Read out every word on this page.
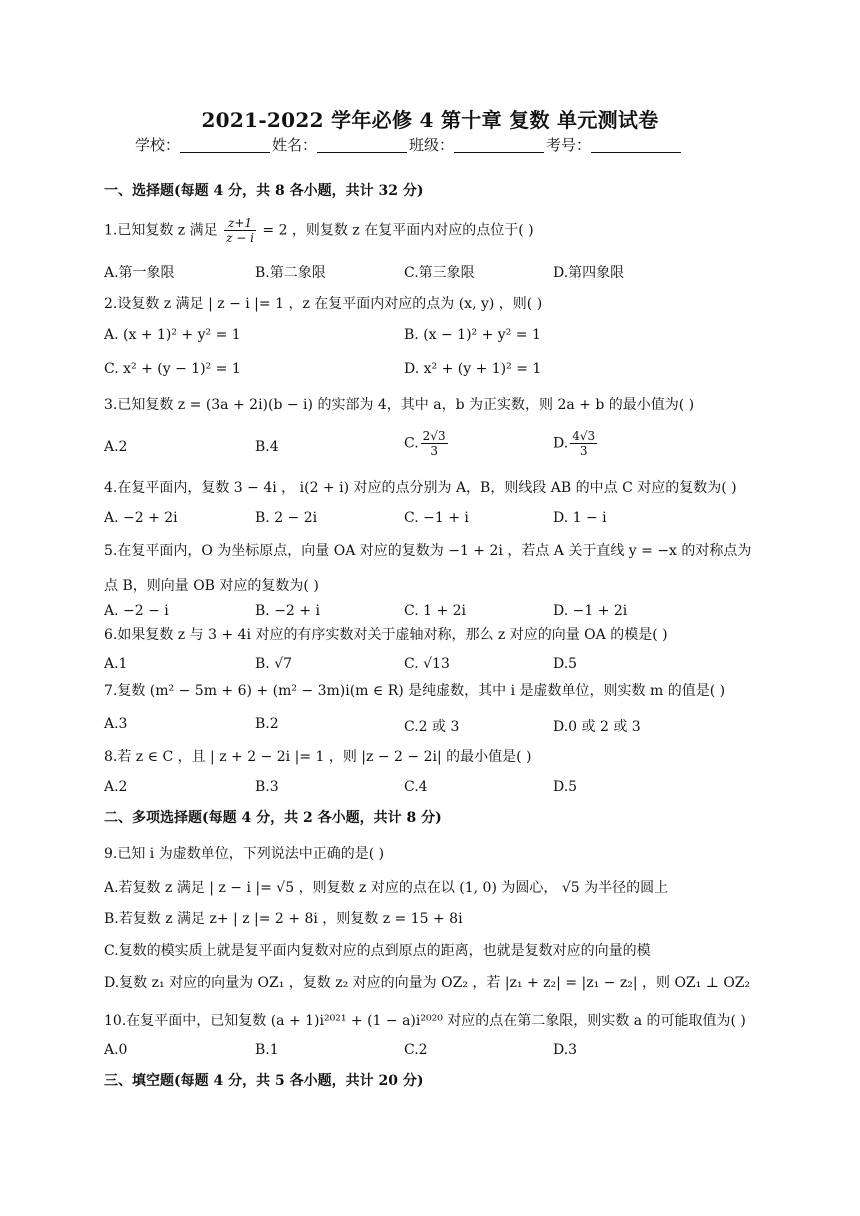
2021-2022 学年必修 4 第十章 复数 单元测试卷
学校：	姓名：	班级：	考号：
一、选择题(每题 4 分，共 8 各小题，共计 32 分)
1.已知复数 z 满足 $\frac{z+1}{z - i} = 2$ ，则复数 z 在复平面内对应的点位于( )
A.第一象限	B.第二象限	C.第三象限	D.第四象限
2.设复数 z 满足 | z − i |= 1 ，z 在复平面内对应的点为 (x, y) ，则( )
A. (x + 1)² + y² = 1	B. (x − 1)² + y² = 1
C. x² + (y − 1)² = 1	D. x² + (y + 1)² = 1
3.已知复数 z = (3a + 2i)(b − i) 的实部为 4，其中 a，b 为正实数，则 2a + b 的最小值为( )
A.2	B.4	C. $\frac{2√3}{3}$	D. $\frac{4√3}{3}$
4.在复平面内，复数 3 − 4i ， i(2 + i) 对应的点分别为 A，B，则线段 AB 的中点 C 对应的复数为( )
A. −2 + 2i	B. 2 − 2i	C. −1 + i	D. 1 − i
5.在复平面内，O 为坐标原点，向量 OA 对应的复数为 −1 + 2i ，若点 A 关于直线 y = −x 的对称点为
点 B，则向量 OB 对应的复数为( )
A. −2 − i	B. −2 + i	C. 1 + 2i	D. −1 + 2i
6.如果复数 z 与 3 + 4i 对应的有序实数对关于虚轴对称，那么 z 对应的向量 OA 的模是( )
A.1	B. √7	C. √13	D.5
7.复数 (m² − 5m + 6) + (m² − 3m)i(m ∈ R) 是纯虚数，其中 i 是虚数单位，则实数 m 的值是( )
A.3	B.2	C.2 或 3	D.0 或 2 或 3
8.若 z ∈ C ，且 | z + 2 − 2i |= 1 ，则 |z − 2 − 2i| 的最小值是( )
A.2	B.3	C.4	D.5
二、多项选择题(每题 4 分，共 2 各小题，共计 8 分)
9.已知 i 为虚数单位，下列说法中正确的是( )
A.若复数 z 满足 | z − i |= √5 ，则复数 z 对应的点在以 (1, 0) 为圆心， √5 为半径的圆上
B.若复数 z 满足 z+ | z |= 2 + 8i ，则复数 z = 15 + 8i
C.复数的模实质上就是复平面内复数对应的点到原点的距离，也就是复数对应的向量的模
D.复数 z₁ 对应的向量为 OZ₁ ，复数 z₂ 对应的向量为 OZ₂ ，若 |z₁ + z₂| = |z₁ − z₂| ，则 OZ₁ ⊥ OZ₂
10.在复平面中，已知复数 (a + 1)i²⁰²¹ + (1 − a)i²⁰²⁰ 对应的点在第二象限，则实数 a 的可能取值为( )
A.0	B.1	C.2	D.3
三、填空题(每题 4 分，共 5 各小题，共计 20 分)
